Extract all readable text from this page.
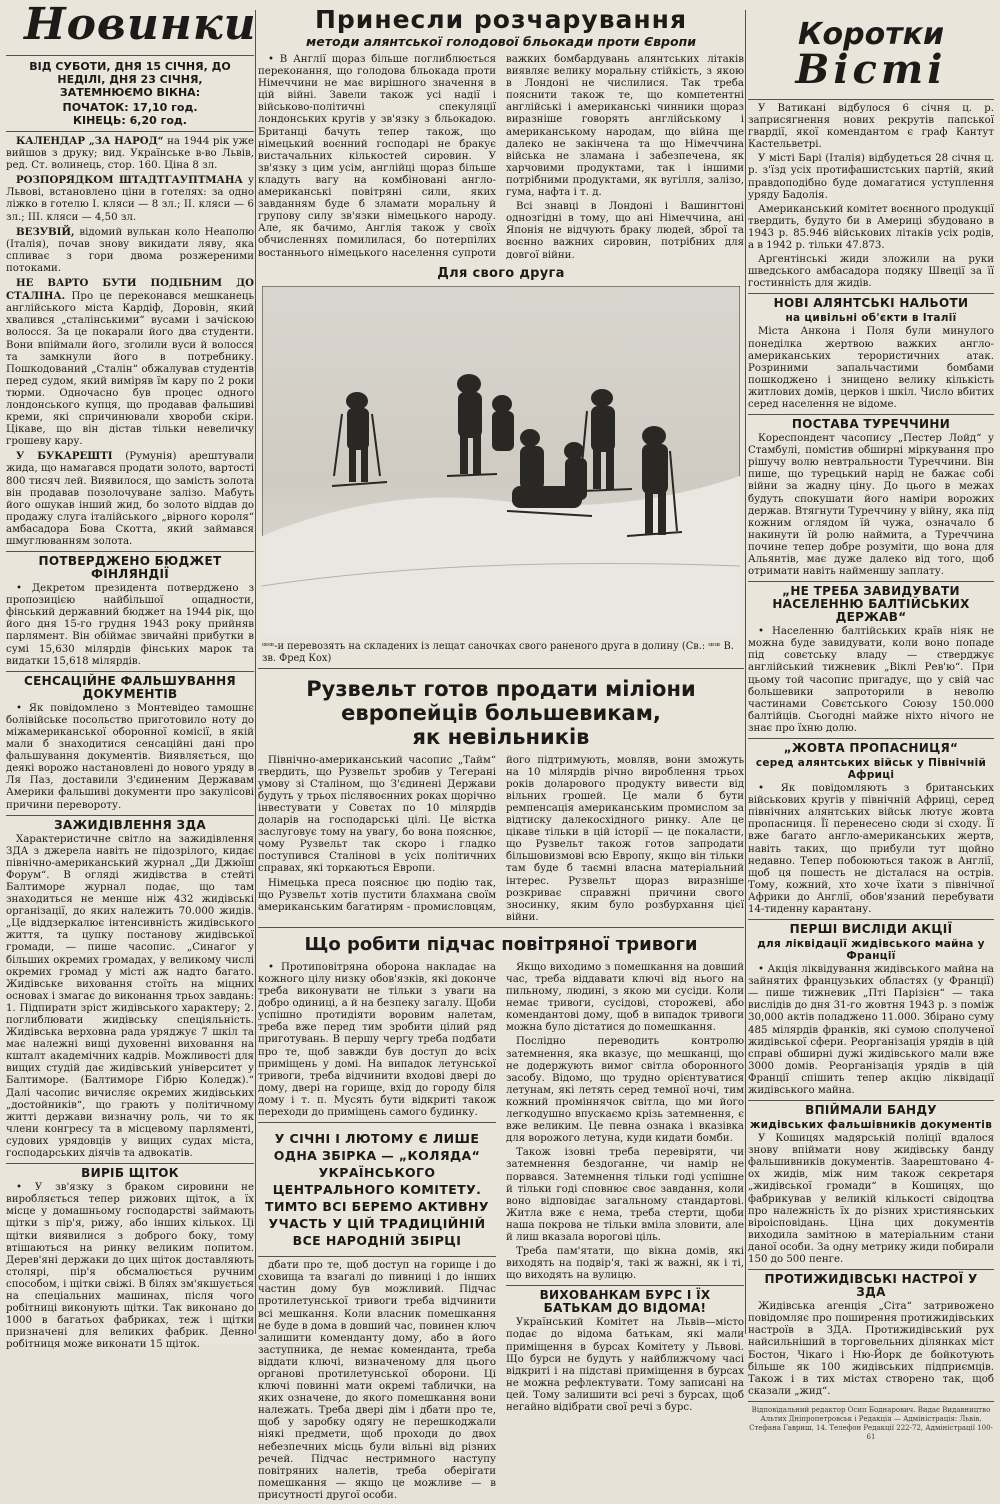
Новинки
ВІД СУБОТИ, ДНЯ 15 СІЧНЯ, ДО НЕДІЛІ, ДНЯ 23 СІЧНЯ, ЗАТЕМНЮЄМО ВІКНА:
ПОЧАТОК: 17,10 год.
КІНЕЦЬ: 6,20 год.

КАЛЕНДАР „ЗА НАРОД“ на 1944 рік уже вийшов з друку; вид. Українське в-во Львів, ред. Ст. волинець, стор. 160. Ціна 8 зл.

РОЗПОРЯДКОМ ШТАДТГАУПТМАНА у Львові, встановлено ціни в готелях: за одно ліжко в готелю I. кляси — 8 зл.; II. кляси — 6 зл.; III. кляси — 4,50 зл.

ВЕЗУВІЙ, відомий вулькан коло Неаполю (Італія), почав знову викидати ляву, яка спливає з гори двома розжереними потоками.

НЕ ВАРТО БУТИ ПОДІБНИМ ДО СТАЛІНА. Про це переконався мешканець англійського міста Кардіф, Доровін, який хвалився „сталінськими“ вусами і зачіскою волосся. За це покарали його два студенти. Вони впіймали його, зголили вуси й волосся та замкнули його в потребнику. Пошкодований „Сталін“ обжалував студентів перед судом, який виміряв їм кару по 2 роки тюрми. Одночасно був процес одного лондонського купця, що продавав фальшиві креми, які спричинювали хвороби скіри. Цікаве, що він дістав тільки невеличку грошеву кару.

У БУКАРЕШТІ (Румунія) арештували жида, що намагався продати золото, вартості 800 тисяч лей. Виявилося, що замість золота він продавав позолочуване залізо. Мабуть його ошукав інший жид, бо золото віддав до продажу слуга італійського „вірного короля“ амбасадора Бова Скотта, який займався шмуглюванням золота.

ПОТВЕРДЖЕНО БЮДЖЕТ ФІНЛЯНДІЇ

• Декретом президента потверджено з пропозицією найбільшої ощадности, фінський державний бюджет на 1944 рік, що його дня 15-го грудня 1943 року прийняв парлямент. Він обіймає звичайні прибутки в сумі 15,630 мілярдів фінських марок та видатки 15,618 мілярдів.

СЕНСАЦІЙНЕ ФАЛЬШУВАННЯ ДОКУМЕНТІВ

• Як повідомлено з Монтевідео тамошнє болівійське посольство приготовило ноту до міжамериканської оборонної комісії, в якій мали б знаходитися сенсаційні дані про фальшування документів. Виявляється, що деякі ворожо настановлені до нового уряду в Ля Паз, доставили З'єдиненим Державам Америки фальшиві документи про закулісові причини перевороту.

ЗАЖИДІВЛЕННЯ ЗДА

Характеристичне світло на зажидівлення ЗДА з джерела навіть не підозрілого, кидає північно-американський журнал „Ди Джюїш Форум“. В огляді жидівства в стейті Балтиморе журнал подає, що там знаходиться не менше ніж 432 жидівські організації, до яких належить 70.000 жидів. „Це віддзеркалює інтенсивність жидівського життя, та цупку постанову жидівської громади, — пише часопис. „Синагог у більших окремих громадах, у великому числі окремих громад у місті аж надто багато. Жидівське виховання стоїть на міцних основах і змагає до виконання трьох завдань: 1. Підпирати зріст жидівського характеру; 2. поглиблювати жидівську спеціяльність. Жидівська верховна рада уряджує 7 шкіл та має належні вищі духовенні виховання на кшталт академічних кадрів. Можливості для вищих студій дає жидівський університет у Балтиморе. (Балтиморе Гібрю Коледж).“ Далі часопис вичисляє окремих жидівських „достойників“, що грають у політичному житті держави визначну роль, чи то як члени конгресу та в місцевому парляменті, судових урядовців у вищих судах міста, господарських діячів та адвокатів.

ВИРІБ ЩІТОК

• У зв'язку з браком сировини не виробляється тепер рижових щіток, а їх місце у домашньому господарстві займають щітки з пір'я, рижу, або інших кількох. Ці щітки виявилися з доброго боку, тому втішаються на ринку великим попитом. Дерев'яні держаки до цих щіток доставляють столярі, пір'я обсмалюється ручним способом, і щітки свіжі. В білях зм'якшується на спеціальних машинах, після чого робітниці виконують щітки. Так виконано до 1000 в багатьох фабриках, теж і щітки призначені для великих фабрик. Денно робітниця може виконати 15 щіток.

Принесли розчарування
методи алянтської голодової бльокади проти Європи

• В Англії щораз більше поглиблюється переконання, що голодова бльокада проти Німеччини не має вирішного значення в цій війні. Завели також усі надії і військово-політичні спекуляції лондонських кругів у зв'язку з бльокадою. Британці бачуть тепер також, що німецький воєнний господарі не бракує вистачальних кількостей сировин. У зв'язку з цим усім, англійці щораз більше кладуть вагу на комбіновані англо-американські повітряні сили, яких завданням буде б зламати моральну й групову силу зв'язки німецького народу. Але, як бачимо, Англія також у своїх обчисленнях помилилася, бо потерпілих востаннього німецького населення супроти важких бомбардувань алянтських літаків виявляє велику моральну стійкість, з якою в Лондоні не числилися. Так треба пояснити також те, що компетентні англійські і американські чинники щораз виразніше говорять англійському і американському народам, що війна ще далеко не закінчена та що Німеччина війська не зламана і забезпечена, як харчовими продуктами, так і іншими потрібними продуктами, як вугілля, залізо, гума, нафта і т. д.

Всі знавці в Лондоні і Вашингтоні однозгідні в тому, що ані Німеччина, ані Японія не відчують браку людей, зброї та воєнно важних сировин, потрібних для довгої війни.

Для свого друга

ꟹꟹ-и перевозять на складених із лещат саночках свого раненого друга в долину (Св.: ꟹꟹ В. зв. Фред Кох)

Рузвельт готов продати міліони
европейців большевикам,
як невільників

Північно-американський часопис „Тайм“ твердить, що Рузвельт зробив у Тегерані умову зі Сталіном, що З'єдинені Держави будуть у трьох післявоєнних роках щорічно інвестувати у Совєтах по 10 мілярдів доларів на господарські цілі. Це вістка заслуговує тому на увагу, бо вона пояснює, чому Рузвельт так скоро і гладко поступився Сталінові в усіх політичних справах, які торкаються Европи.

Німецька преса пояснює цю подію так, що Рузвельт хотів пустити блахмана своїм американським багатирям - промисловцям, його підтримують, мовляв, вони зможуть на 10 мілярдів річно вироблення трьох років доларового продукту вивести від вільних грошей. Це мали б бути ремпенсація американським промислом за відтиску далекосхідного ринку. Але це цікаве тільки в цій історії — це покаласти, що Рузвельт також готов запродати більшовизмові всю Европу, якщо він тільки там буде б таємні власна матеріальний інтерес. Рузвельт щораз виразніше розкриває справжні причини свого зносинку, яким було розбурхання цієї війни.

Що робити підчас повітряної тривоги

• Протиповітряна оборона накладає на кожного цілу низку обов'язків, які доконче треба виконувати не тільки з уваги на добро одиниці, а й на безпеку загалу. Щоби успішно протидіяти воровим налетам, треба вже перед тим зробити цілий ряд приготувань. В першу чергу треба подбати про те, щоб завжди був доступ до всіх приміщень у домі. На випадок летунської тривоги, треба відчинити входові двері до дому, двері на горище, вхід до городу біля дому і т. п. Мусять бути відкриті також переходи до приміщень самого будинку.

У СІЧНІ І ЛЮТОМУ Є ЛИШЕ ОДНА ЗБІРКА — „КОЛЯДА“ УКРАЇНСЬКОГО ЦЕНТРАЛЬНОГО КОМІТЕТУ. ТИМТО ВСІ БЕРЕМО АКТИВНУ УЧАСТЬ У ЦІЙ ТРАДИЦІЙНІЙ ВСЕ НАРОДНІЙ ЗБІРЦІ

дбати про те, щоб доступ на горище і до сховища та взагалі до пивниці і до інших частин дому був можливий. Підчас протилетунської тривоги треба відчинити всі мешкання. Коли власник помешкання не буде в дома в довший час, повинен ключ залишити коменданту дому, або в його заступника, де немає коменданта, треба віддати ключі, визначеному для цього органові протилетунської оборони. Ці ключі повинні мати окремі таблички, на яких означене, до якого помешкання вони належать. Треба двері дім і дбати про те, щоб у заробку одягу не перешкоджали ніякі предмети, щоб проходи до двох небезпечних місць були вільні від різних речей. Підчас нестримного наступу повітряних налетів, треба оберігати помешкання — якщо це можливе — в присутності другої особи.

Якщо виходимо з помешкання на довший час, треба віддавати ключі від нього на пильному, людині, з якою ми сусіди. Коли немає тривоги, сусідові, сторожеві, або комендантові дому, щоб в випадок тривоги можна було дістатися до помешкання.

Послідно переводить контролю затемнення, яка вказує, що мешканці, що не додержують вимог світла оборонного засобу. Відомо, що трудно орієнтуватися летунам, які летять серед темної ночі, тим кожний проміннячок світла, що ми його легкодушно впускаємо крізь затемнення, є вже великим. Це певна ознака і вказівка для ворожого летуна, куди кидати бомби.

Також ізовні треба перевіряти, чи затемнення бездоганне, чи намір не порвався. Затемнення тільки годі успішне й тільки годі сповнює своє завдання, коли воно відповідає загальному стандартові. Житла вже є нема, треба стерти, щоби наша покрова не тільки вміла зловити, але й лиш вказала ворогові ціль.

Треба пам'ятати, що вікна домів, які виходять на подвір'я, такі ж важні, як і ті, що виходять на вулицю.

ВИХОВАНКАМ БУРС І ЇХ БАТЬКАМ ДО ВІДОМА!

Український Комітет на Львів—місто подає до відома батькам, які мали приміщення в бурсах Комітету у Львові. Що бурси не будуть у найближчому часі відкриті і на підставі приміщення в бурсах не можна рефлектувати. Тому записані на цей. Тому залишити всі речі з бурсах, щоб негайно відібрати свої речі з бурс.

Коротки
Вісті

У Ватикані відбулося 6 січня ц. р. заприсягнення нових рекрутів папської гвардії, якої комендантом є граф Кантут Кастельветрі.

У місті Барі (Італія) відбудеться 28 січня ц. р. з'їзд усіх протифашистських партій, який правдоподібно буде домагатися уступлення уряду Бадолія.

Американський комітет воєнного продукції твердить, будуто би в Америці збудовано в 1943 р. 85.946 військових літаків усіх родів, а в 1942 р. тільки 47.873.

Аргентінські жиди зложили на руки шведського амбасадора подяку Швеції за її гостинність для жидів.

НОВІ АЛЯНТСЬКІ НАЛЬОТИ
на цивільні об'єкти в Італії

Міста Анкона і Поля були минулого понеділка жертвою важких англо-американських терористичних атак. Розриними запальчастими бомбами пошкоджено і знищено велику кількість житлових домів, церков і шкіл. Число вбитих серед населення не відоме.

ПОСТАВА ТУРЕЧЧИНИ

Кореспондент часопису „Пестер Лойд“ у Стамбулі, помістив обширні міркування про рішучу волю невтральности Туреччини. Він пише, що турецький нарід не бажає собі війни за жадну ціну. До цього в межах будуть спокушати його наміри ворожих держав. Втягнути Туреччину у війну, яка під кожним оглядом їй чужа, означало б накинути їй ролю наймита, а Туреччина почине тепер добре розуміти, що вона для Альянтів, має дуже далеко від того, щоб отримати навіть найменшу заплату.

„НЕ ТРЕБА ЗАВИДУВАТИ НАСЕЛЕННЮ БАЛТІЙСЬКИХ ДЕРЖАВ“

• Населенню балтійських країв ніяк не можна буде завидувати, коли воно попаде під совєтську владу — стверджує англійський тижневик „Віклі Рев'ю“. При цьому той часопис пригадує, що у свій час большевики запроторили в неволю частинами Совєтського Союзу 150.000 балтійців. Сьогодні майже ніхто нічого не знає про їхню долю.

„ЖОВТА ПРОПАСНИЦЯ“
серед алянтських військ у Північній Африці

• Як повідомляють з британських військових кругів у північній Африці, серед північних алянтських військ лютує жовта пропасниця. Її перенесено сюди зі сходу. Її вже багато англо-американських жертв, навіть таких, що прибули тут щойно недавно. Тепер побоюються також в Англії, щоб ця пошесть не дісталася на острів. Тому, кожний, хто хоче їхати з північної Африки до Англії, обов'язаний перебувати 14-тиденну карантану.

ПЕРШІ ВИСЛІДИ АКЦІЇ
для ліквідації жидівського майна у Франції

• Акція ліквідування жидівського майна на зайнятих французьких областях (у Франції) — пише тижневик „Пті Парізієн“ — така вислідів до дня 31-го жовтня 1943 р. з поміж 30,000 актів поладжено 11.000. Збірано суму 485 мілярдів франків, які сумою сполученої жидівської сфери. Реорганізація урядів в цій справі обширні дужі жидівського мали вже 3000 домів. Реорганізація урядів в цій Франції спішить тепер акцію ліквідації жидівського майна.

ВПІЙМАЛИ БАНДУ
жидівських фальшівників документів

У Кошицях мадярській поліції вдалося знову впіймати нову жидівську банду фальшивників документів. Заарештовано 4-ох жидів, між ним також секретаря „жидівської громади“ в Кошицях, що фабрикував у великій кількості свідоцтва про належність їх до різних християнських віроісповідань. Ціна цих документів виходила замітною в матеріальним стани даної особи. За одну метрику жиди побирали 150 до 500 пенге.

ПРОТИЖИДІВСЬКІ НАСТРОЇ У ЗДА

Жидівська агенція „Сіта“ затривожено повідомляє про поширення протижидівських настроїв в ЗДА. Протижидівський рух найсильніший в торговельних ділянках міст Бостон, Чікаго і Ню-Йорк де бойкотують більше як 100 жидівських підприємців. Також і в тих містах створено так, щоб сказали „жид“.

Відповідальний редактор Осип Боднарович. Видає Видавництво Альтих Дніпропетровськ і Редакція — Адміністрація: Львів, Стефана Гавриш, 14. Телефон Редакції 222-72, Адміністрації 100-61
